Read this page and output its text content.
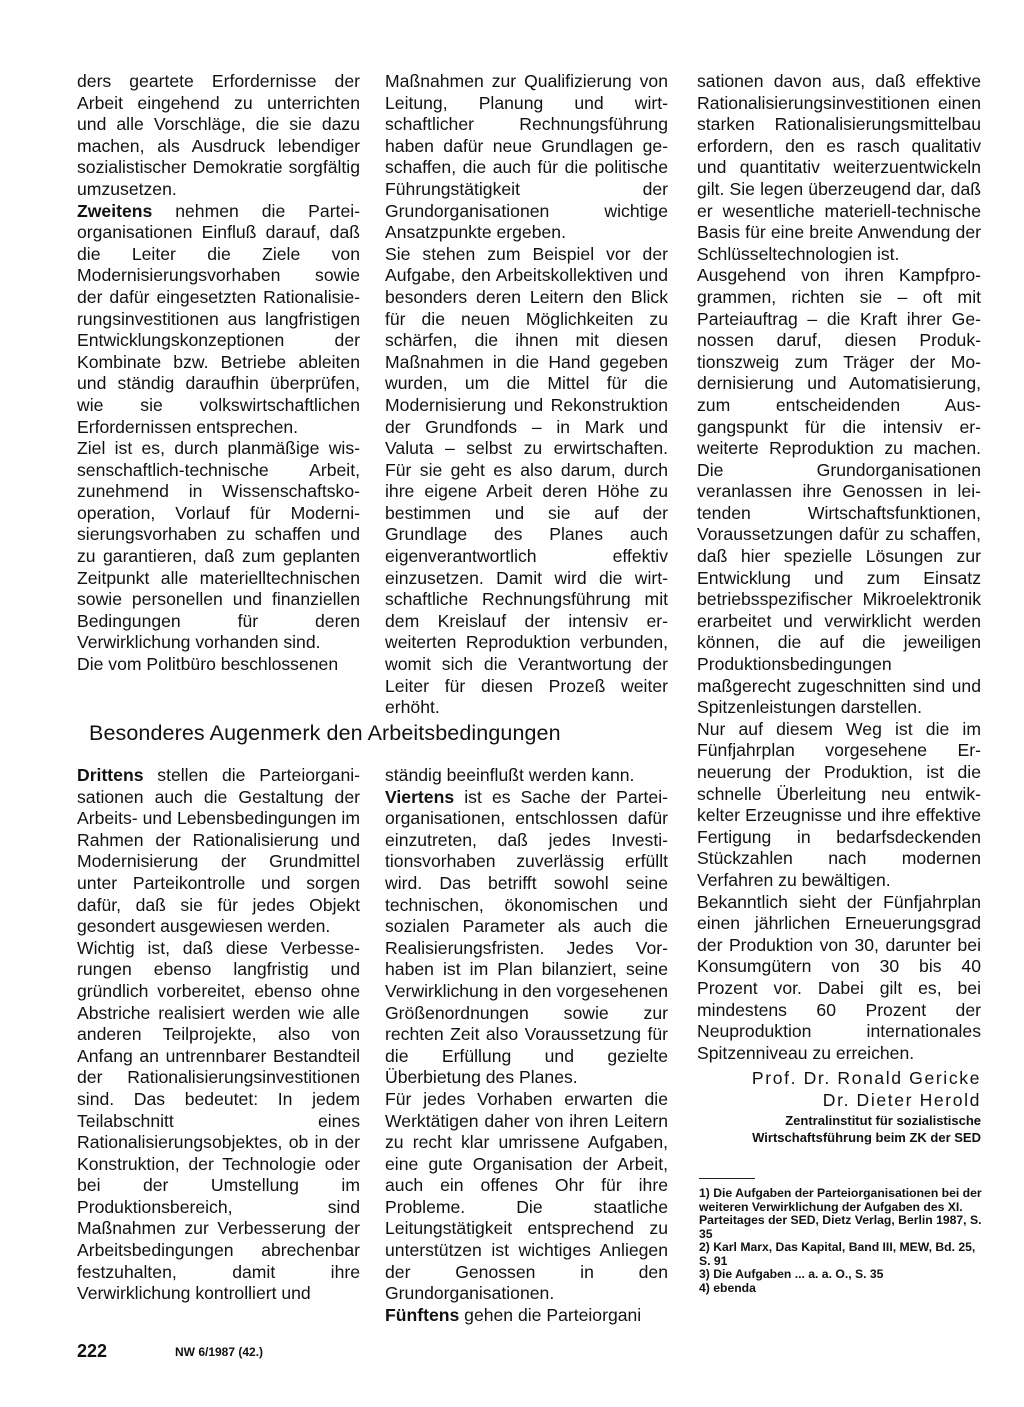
ders geartete Erfordernisse der Arbeit eingehend zu unterrichten und alle Vorschläge, die sie dazu machen, als Ausdruck lebendiger sozialistischer Demokratie sorgfältig umzusetzen.

Zweitens nehmen die Parteiorganisationen Einfluß darauf, daß die Leiter die Ziele von Modernisierungsvorhaben sowie der dafür eingesetzten Rationalisierungsinvestitionen aus langfristigen Entwicklungskonzeptionen der Kombinate bzw. Betriebe ableiten und ständig daraufhin überprüfen, wie sie volkswirtschaftlichen Erfordernissen entsprechen.

Ziel ist es, durch planmäßige wissenschaftlich-technische Arbeit, zunehmend in Wissenschaftskooperation, Vorlauf für Modernisierungsvorhaben zu schaffen und zu garantieren, daß zum geplanten Zeitpunkt alle materielltechnischen sowie personellen und finanziellen Bedingungen für deren Verwirklichung vorhanden sind.

Die vom Politbüro beschlossenen

Maßnahmen zur Qualifizierung von Leitung, Planung und wirtschaftlicher Rechnungsführung haben dafür neue Grundlagen geschaffen, die auch für die politische Führungstätigkeit der Grundorganisationen wichtige Ansatzpunkte ergeben.

Sie stehen zum Beispiel vor der Aufgabe, den Arbeitskollektiven und besonders deren Leitern den Blick für die neuen Möglichkeiten zu schärfen, die ihnen mit diesen Maßnahmen in die Hand gegeben wurden, um die Mittel für die Modernisierung und Rekonstruktion der Grundfonds – in Mark und Valuta – selbst zu erwirtschaften. Für sie geht es also darum, durch ihre eigene Arbeit deren Höhe zu bestimmen und sie auf der Grundlage des Planes auch eigenverantwortlich effektiv einzusetzen. Damit wird die wirtschaftliche Rechnungsführung mit dem Kreislauf der intensiv erweiterten Reproduktion verbunden, womit sich die Verantwortung der Leiter für diesen Prozeß weiter erhöht.

sationen davon aus, daß effektive Rationalisierungsinvestitionen einen starken Rationalisierungsmittelbau erfordern, den es rasch qualitativ und quantitativ weiterzuentwickeln gilt. Sie legen überzeugend dar, daß er wesentliche materiell-technische Basis für eine breite Anwendung der Schlüsseltechnologien ist.

Ausgehend von ihren Kampfprogrammen, richten sie – oft mit Parteiauftrag – die Kraft ihrer Genossen daruf, diesen Produktionszweig zum Träger der Modernisierung und Automatisierung, zum entscheidenden Ausgangspunkt für die intensiv erweiterte Reproduktion zu machen. Die Grundorganisationen veranlassen ihre Genossen in leitenden Wirtschaftsfunktionen, Voraussetzungen dafür zu schaffen, daß hier spezielle Lösungen zur Entwicklung und zum Einsatz betriebsspezifischer Mikroelektronik erarbeitet und verwirklicht werden können, die auf die jeweiligen Produktionsbedingungen maßgerecht zugeschnitten sind und Spitzenleistungen darstellen.

Nur auf diesem Weg ist die im Fünfjahrplan vorgesehene Erneuerung der Produktion, ist die schnelle Überleitung neu entwikkelter Erzeugnisse und ihre effektive Fertigung in bedarfsdeckenden Stückzahlen nach modernen Verfahren zu bewältigen.

Bekanntlich sieht der Fünfjahrplan einen jährlichen Erneuerungsgrad der Produktion von 30, darunter bei Konsumgütern von 30 bis 40 Prozent vor. Dabei gilt es, bei mindestens 60 Prozent der Neuproduktion internationales Spitzenniveau zu erreichen.

Prof. Dr. Ronald Gericke
Dr. Dieter Herold
Zentralinstitut für sozialistische
Wirtschaftsführung beim ZK der SED
Besonderes Augenmerk den Arbeitsbedingungen

Drittens stellen die Parteiorganisationen auch die Gestaltung der Arbeits- und Lebensbedingungen im Rahmen der Rationalisierung und Modernisierung der Grundmittel unter Parteikontrolle und sorgen dafür, daß sie für jedes Objekt gesondert ausgewiesen werden.

Wichtig ist, daß diese Verbesserungen ebenso langfristig und gründlich vorbereitet, ebenso ohne Abstriche realisiert werden wie alle anderen Teilprojekte, also von Anfang an untrennbarer Bestandteil der Rationalisierungsinvestitionen sind. Das bedeutet: In jedem Teilabschnitt eines Rationalisierungsobjektes, ob in der Konstruktion, der Technologie oder bei der Umstellung im Produktionsbereich, sind Maßnahmen zur Verbesserung der Arbeitsbedingungen abrechenbar festzuhalten, damit ihre Verwirklichung kontrolliert und

ständig beeinflußt werden kann.

Viertens ist es Sache der Parteiorganisationen, entschlossen dafür einzutreten, daß jedes Investitionsvorhaben zuverlässig erfüllt wird. Das betrifft sowohl seine technischen, ökonomischen und sozialen Parameter als auch die Realisierungsfristen. Jedes Vorhaben ist im Plan bilanziert, seine Verwirklichung in den vorgesehenen Größenordnungen sowie zur rechten Zeit also Voraussetzung für die Erfüllung und gezielte Überbietung des Planes.

Für jedes Vorhaben erwarten die Werktätigen daher von ihren Leitern zu recht klar umrissene Aufgaben, eine gute Organisation der Arbeit, auch ein offenes Ohr für ihre Probleme. Die staatliche Leitungstätigkeit entsprechend zu unterstützen ist wichtiges Anliegen der Genossen in den Grundorganisationen.

Fünftens gehen die Parteiorgani

1) Die Aufgaben der Parteiorganisationen bei der weiteren Verwirklichung der Aufgaben des XI. Parteitages der SED, Dietz Verlag, Berlin 1987, S. 35

2) Karl Marx, Das Kapital, Band III, MEW, Bd. 25, S. 91

3) Die Aufgaben ... a. a. O., S. 35

4) ebenda

222	NW 6/1987 (42.)
